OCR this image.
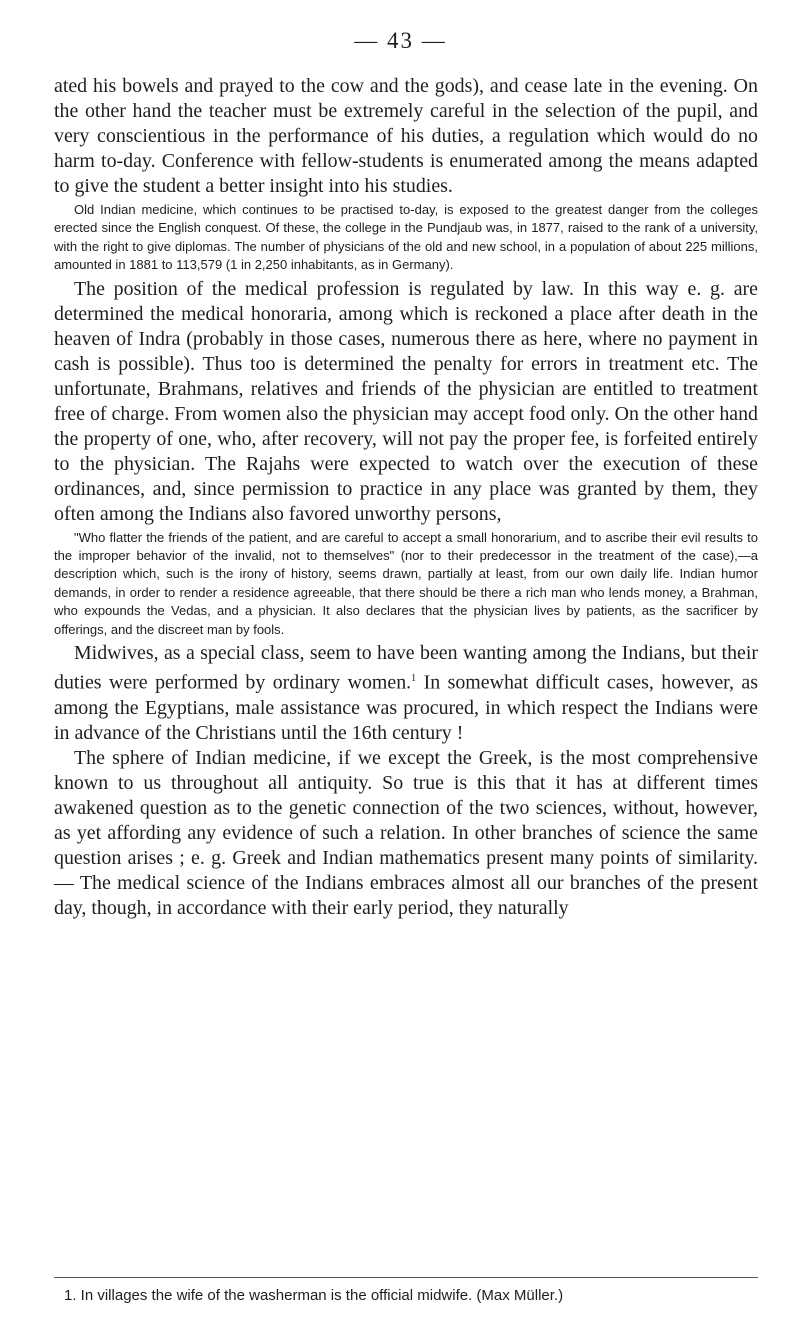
— 43 —

ated his bowels and prayed to the cow and the gods), and cease late in the evening. On the other hand the teacher must be extremely careful in the selection of the pupil, and very conscientious in the performance of his duties, a regulation which would do no harm to-day. Conference with fellow-students is enumerated among the means adapted to give the student a better insight into his studies.

Old Indian medicine, which continues to be practised to-day, is exposed to the greatest danger from the colleges erected since the English conquest. Of these, the college in the Pundjaub was, in 1877, raised to the rank of a university, with the right to give diplomas. The number of physicians of the old and new school, in a population of about 225 millions, amounted in 1881 to 113,579 (1 in 2,250 inhabitants, as in Germany).

The position of the medical profession is regulated by law. In this way e. g. are determined the medical honoraria, among which is reckoned a place after death in the heaven of Indra (probably in those cases, numerous there as here, where no payment in cash is possible). Thus too is determined the penalty for errors in treatment etc. The unfortunate, Brahmans, relatives and friends of the physician are entitled to treatment free of charge. From women also the physician may accept food only. On the other hand the property of one, who, after recovery, will not pay the proper fee, is forfeited entirely to the physician. The Rajahs were expected to watch over the execution of these ordinances, and, since permission to practice in any place was granted by them, they often among the Indians also favored unworthy persons,

"Who flatter the friends of the patient, and are careful to accept a small honorarium, and to ascribe their evil results to the improper behavior of the invalid, not to themselves" (nor to their predecessor in the treatment of the case),—a description which, such is the irony of history, seems drawn, partially at least, from our own daily life. Indian humor demands, in order to render a residence agreeable, that there should be there a rich man who lends money, a Brahman, who expounds the Vedas, and a physician. It also declares that the physician lives by patients, as the sacrificer by offerings, and the discreet man by fools.

Midwives, as a special class, seem to have been wanting among the Indians, but their duties were performed by ordinary women.$^1$ In somewhat difficult cases, however, as among the Egyptians, male assistance was procured, in which respect the Indians were in advance of the Christians until the 16th century !

The sphere of Indian medicine, if we except the Greek, is the most comprehensive known to us throughout all antiquity. So true is this that it has at different times awakened question as to the genetic connection of the two sciences, without, however, as yet affording any evidence of such a relation. In other branches of science the same question arises ; e. g. Greek and Indian mathematics present many points of similarity. — The medical science of the Indians embraces almost all our branches of the present day, though, in accordance with their early period, they naturally

1. In villages the wife of the washerman is the official midwife. (Max Müller.)
